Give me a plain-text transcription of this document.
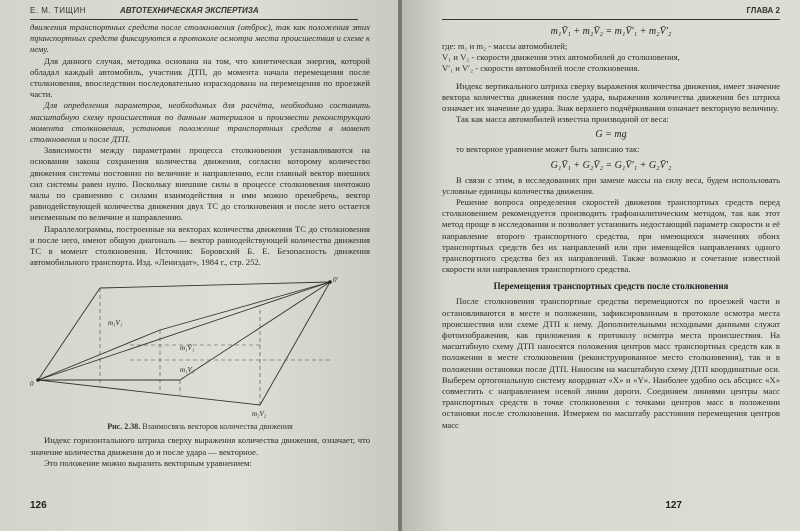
Е. М. ТИЩИН	АВТОТЕХНИЧЕСКАЯ ЭКСПЕРТИЗА

движения транспортных средств после столкновения (отброс), так как положения этих транспортных средств фиксируются в протоколе осмотра места происшествия и схеме к нему.

Для данного случая, методика основана на том, что кинетическая энергия, которой обладал каждый автомобиль, участник ДТП, до момента начала перемещения после столкновения, впоследствии последовательно израсходована на перемещения по проезжей части.

Для определения параметров, необходимых для расчёта, необходимо составить масштабную схему происшествия по данным материалов и произвести реконструкцию момента столкновения, установив положение транспортных средств в момент столкновения и после ДТП.

Зависимости между параметрами процесса столкновения устанавливаются на основании закона сохранения количества движения, согласно которому количество движения системы постоянно по величине и направлению, если главный вектор внешних сил системы равен нулю. Поскольку внешние силы в процессе столкновения ничтожно малы по сравнению с силами взаимодействия и ими можно пренебречь, вектор равнодействующей количества движения двух ТС до столкновения и после него остается неизменным по величине и направлению.

Параллелограммы, построенные на векторах количества движения ТС до столкновения и после него, имеют общую диагональ — вектор равнодействующей количества движения ТС в момент столкновения. Источник: Боровский Б. Е. Безопасность движения автомобильного транспорта. Изд. «Лениздат», 1984 г., стр. 252.

0
0'
m₁V₁
m₁V̄₁
m₁V₁
m₂V₂
Рис. 2.38. Взаимосвязь векторов количества движения

Индекс горизонтального штриха сверху выражения количества движения, означает, что значение количества движения до и после удара — векторное.

Это положение можно выразить векторным уравнением:

126
ГЛАВА 2
m₁V̄₁ + m₂V̄₂ = m₁V̄′₁ + m₂V̄′₂
где: m₁ и m₂ - массы автомобилей;
V₁ и V₂ - скорости движения этих автомобилей до столкновения,
V′₁ и V′₂ - скорости автомобилей после столкновения.

Индекс вертикального штриха сверху выражения количества движения, имеет значение вектора количества движения после удара, выражения количества движения без штриха означает их значение до удара. Знак верхнего подчёркивания означает векторную величину.

Так как масса автомобилей известна производной от веса:

G = mg

то векторное уравнение может быть записано так:

G₁V̄₁ + G₂V̄₂ = G₁V̄′₁ + G₂V̄′₂

В связи с этим, в исследованиях при замене массы на силу веса, будем использовать условные единицы количества движения.

Решение вопроса определения скоростей движения транспортных средств перед столкновением рекомендуется производить графоаналитическим методом, так как этот метод проще в исследовании и позволяет установить недостающий параметр скорости и её направление второго транспортного средства, при имеющихся значениях обоих транспортных средств без их направлений или при имеющейся направлениях одного транспортного средства без их направлений. Также возможно и сочетание известной скорости или направления транспортного средства.

Перемещения транспортных средств после столкновения

После столкновения транспортные средства перемещаются по проезжей части и остановливаются в месте и положении, зафиксированным в протоколе осмотра места происшествия или схеме ДТП к нему. Дополнительными исходными данными служат фотоизображения, как приложения к протоколу осмотра места происшествия. На масштабную схему ДТП наносятся положения центров масс транспортных средств как в положении в месте столкновения (реконструированное место столкновения), так и в положении остановки после ДТП. Наносим на масштабную схему ДТП координатные оси. Выберем ортогональную систему координат «X» и «Y». Наиболее удобно ось абсцисс «X» совместить с направлением осевой линии дороги. Соединяем линиями центры масс транспортных средств в точке столкновения с точками центров масс в положении остановки после столкновения. Измеряем по масштабу расстояния перемещения центров масс

127
